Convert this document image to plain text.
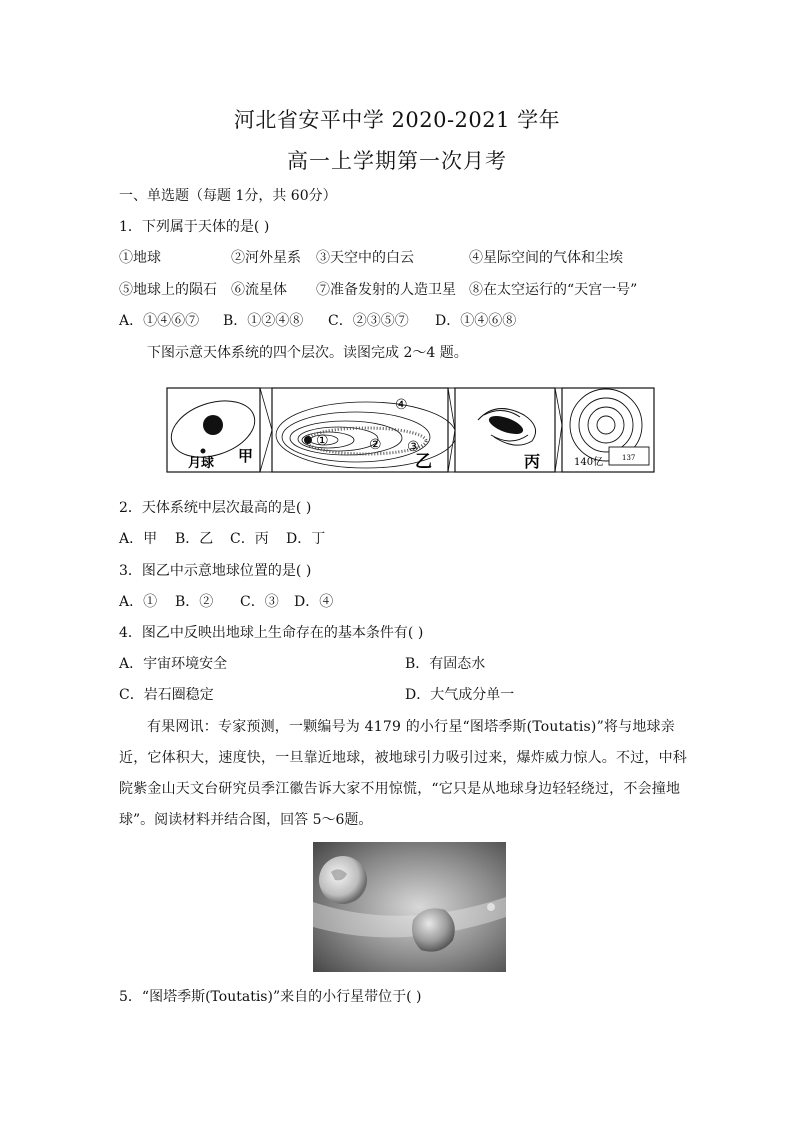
河北省安平中学 2020-2021 学年
高一上学期第一次月考
一、单选题（每题 1分，共 60分）
1．下列属于天体的是( )
①地球	②河外星系 ③天空中的白云	④星际空间的气体和尘埃
⑤地球上的陨石 ⑥流星体 ⑦准备发射的人造卫星 ⑧在太空运行的“天宫一号”
A．①④⑥⑦ B．①②④⑧ C．②③⑤⑦ D．①④⑥⑧
下图示意天体系统的四个层次。读图完成 2～4 题。
月球 甲
①	② ③
④
乙	丙	137
140亿
2．天体系统中层次最高的是( )
A．甲 B．乙 C．丙 D．丁
3．图乙中示意地球位置的是( )
A．① B．② C．③ D．④
4．图乙中反映出地球上生命存在的基本条件有( )
A．宇宙环境安全	B．有固态水
C．岩石圈稳定	D．大气成分单一
有果网讯：专家预测，一颗编号为 4179 的小行星“图塔季斯(Toutatis)”将与地球亲
近，它体积大，速度快，一旦靠近地球，被地球引力吸引过来，爆炸威力惊人。不过，中科
院紫金山天文台研究员季江徽告诉大家不用惊慌，“它只是从地球身边轻轻绕过，不会撞地
球”。阅读材料并结合图，回答 5～6题。
5．“图塔季斯(Toutatis)”来自的小行星带位于( )
